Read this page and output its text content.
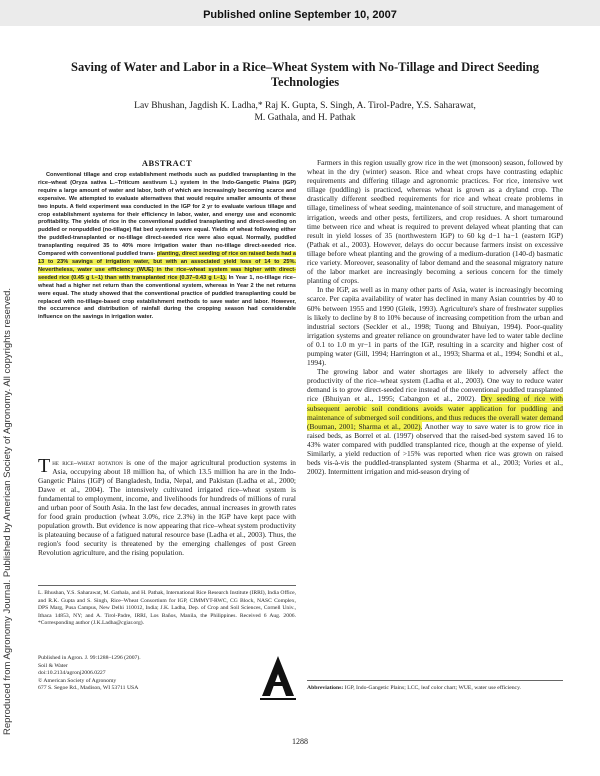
Published online September 10, 2007
Reproduced from Agronomy Journal. Published by American Society of Agronomy. All copyrights reserved.
Saving of Water and Labor in a Rice–Wheat System with No-Tillage and Direct Seeding Technologies
Lav Bhushan, Jagdish K. Ladha,* Raj K. Gupta, S. Singh, A. Tirol-Padre, Y.S. Saharawat,
M. Gathala, and H. Pathak
ABSTRACT

Conventional tillage and crop establishment methods such as puddled transplanting in the rice–wheat (Oryza sativa L.–Triticum aestivum L.) system in the Indo-Gangetic Plains (IGP) require a large amount of water and labor, both of which are increasingly becoming scarce and expensive. We attempted to evaluate alternatives that would require smaller amounts of these two inputs. A field experiment was conducted in the IGP for 2 yr to evaluate various tillage and crop establishment systems for their efficiency in labor, water, and energy use and economic profitability. The yields of rice in the conventional puddled transplanting and direct-seeding on puddled or nonpuddled (no-tillage) flat bed systems were equal. Yields of wheat following either the puddled-transplanted or no-tillage direct-seeded rice were also equal. Normally, puddled transplanting required 35 to 40% more irrigation water than no-tillage direct-seeded rice. Compared with conventional puddled trans- planting, direct seeding of rice on raised beds had a 13 to 23% savings of irrigation water, but with an associated yield loss of 14 to 25%. Nevertheless, water use efficiency (WUE) in the rice–wheat system was higher with direct-seeded rice (0.45 g l.−1) than with transplanted rice (0.37–0.43 g l.−1). In Year 1, no-tillage rice–wheat had a higher net return than the conventional system, whereas in Year 2 the net returns were equal. The study showed that the conventional practice of puddled transplanting could be replaced with no-tillage-based crop establishment methods to save water and labor. However, the occurrence and distribution of rainfall during the cropping season had considerable influence on the savings in irrigation water.

The rice–wheat rotation is one of the major agricultural production systems in Asia, occupying about 18 million ha, of which 13.5 million ha are in the Indo-Gangetic Plains (IGP) of Bangladesh, India, Nepal, and Pakistan (Ladha et al., 2000; Dawe et al., 2004). The intensively cultivated irrigated rice–wheat system is fundamental to employment, income, and livelihoods for hundreds of millions of rural and urban poor of South Asia. In the last few decades, annual increases in growth rates for food grain production (wheat 3.0%, rice 2.3%) in the IGP have kept pace with population growth. But evidence is now appearing that rice–wheat system productivity is plateauing because of a fatigued natural resource base (Ladha et al., 2003). Thus, the region's food security is threatened by the emerging challenges of post Green Revolution agriculture, and the rising population.

L. Bhushan, Y.S. Saharawat, M. Gathala, and H. Pathak, International Rice Research Institute (IRRI), India Office, and R.K. Gupta and S. Singh, Rice–Wheat Consortium for IGP, CIMMYT-RWC, CG Block, NASC Complex, DPS Marg, Pusa Campus, New Delhi 110012, India; J.K. Ladha, Dep. of Crop and Soil Sciences, Cornell Univ., Ithaca 14853, NY; and A. Tirol-Padre, IRRI, Los Baños, Manila, the Philippines. Received 6 Aug. 2006. *Corresponding author (J.K.Ladha@cgiar.org).
Published in Agron. J. 99:1288–1296 (2007).
Soil & Water
doi:10.2134/agronj2006.0227
© American Society of Agronomy
677 S. Segoe Rd., Madison, WI 53711 USA

Farmers in this region usually grow rice in the wet (monsoon) season, followed by wheat in the dry (winter) season. Rice and wheat crops have contrasting edaphic requirements and differing tillage and agronomic practices. For rice, intensive wet tillage (puddling) is practiced, whereas wheat is grown as a dryland crop. The drastically different seedbed requirements for rice and wheat create problems in tillage, timeliness of wheat seeding, maintenance of soil structure, and management of irrigation, weeds and other pests, fertilizers, and crop residues. A short turnaround time between rice and wheat is required to prevent delayed wheat planting that can result in yield losses of 35 (northwestern IGP) to 60 kg d−1 ha−1 (eastern IGP) (Pathak et al., 2003). However, delays do occur because farmers insist on excessive tillage before wheat planting and the growing of a medium-duration (140-d) basmatic rice variety. Moreover, seasonality of labor demand and the seasonal migratory nature of the labor market are increasingly becoming a serious concern for the timely planting of crops.

In the IGP, as well as in many other parts of Asia, water is increasingly becoming scarce. Per capita availability of water has declined in many Asian countries by 40 to 60% between 1955 and 1990 (Gleik, 1993). Agriculture's share of freshwater supplies is likely to decline by 8 to 10% because of increasing competition from the urban and industrial sectors (Seckler et al., 1998; Tuong and Bhuiyan, 1994). Poor-quality irrigation systems and greater reliance on groundwater have led to water table decline of 0.1 to 1.0 m yr−1 in parts of the IGP, resulting in a scarcity and higher cost of pumping water (Gill, 1994; Harrington et al., 1993; Sharma et al., 1994; Sondhi et al., 1994).

The growing labor and water shortages are likely to adversely affect the productivity of the rice–wheat system (Ladha et al., 2003). One way to reduce water demand is to grow direct-seeded rice instead of the conventional puddled transplanted rice (Bhuiyan et al., 1995; Cabangon et al., 2002). Dry seeding of rice with subsequent aerobic soil conditions avoids water application for puddling and maintenance of submerged soil conditions, and thus reduces the overall water demand (Bouman, 2001; Sharma et al., 2002). Another way to save water is to grow rice in raised beds, as Borrel et al. (1997) observed that the raised-bed system saved 16 to 43% water compared with puddled transplanted rice, though at the expense of yield. Similarly, a yield reduction of >15% was reported when rice was grown on raised beds vis-à-vis the puddled-transplanted system (Sharma et al., 2003; Vories et al., 2002). Intermittent irrigation and mid-season drying of

Abbreviations: IGP, Indo-Gangetic Plains; LCC, leaf color chart; WUE, water use efficiency.
1288
